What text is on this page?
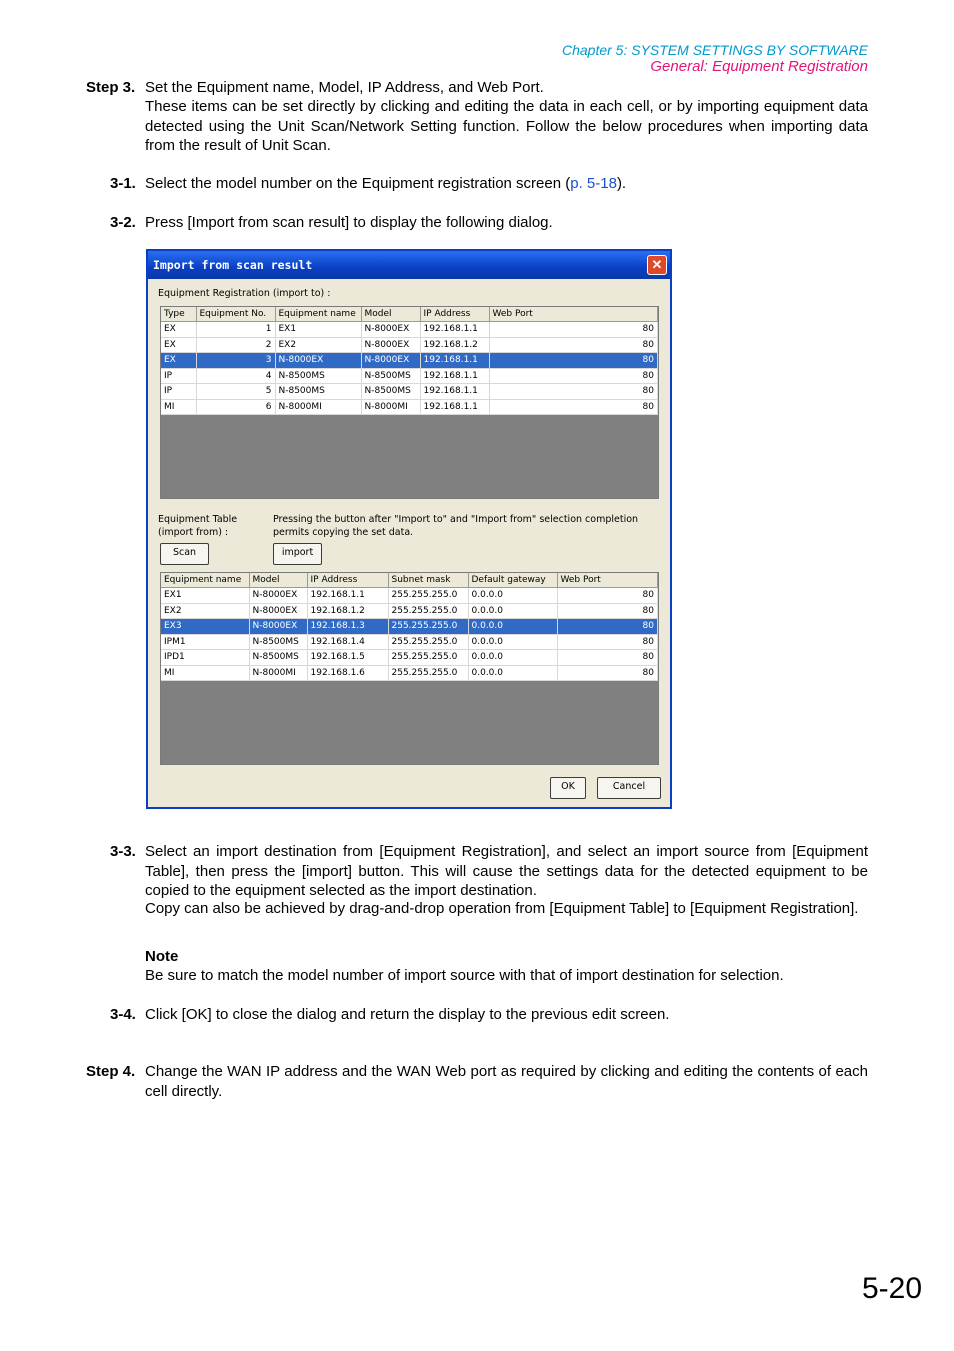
Chapter 5: SYSTEM SETTINGS BY SOFTWARE
General: Equipment Registration
Step 3. Set the Equipment name, Model, IP Address, and Web Port.
These items can be set directly by clicking and editing the data in each cell, or by importing equipment data detected using the Unit Scan/Network Setting function. Follow the below procedures when importing data from the result of Unit Scan.
3-1. Select the model number on the Equipment registration screen (p. 5-18).
3-2. Press [Import from scan result] to display the following dialog.
Import from scan result	✕
Equipment Registration (import to) :
Type	Equipment No.	Equipment name	Model	IP Address	Web Port
EX	1	EX1	N-8000EX	192.168.1.1	80
EX	2	EX2	N-8000EX	192.168.1.2	80
EX	3	N-8000EX	N-8000EX	192.168.1.1	80
IP	4	N-8500MS	N-8500MS	192.168.1.1	80
IP	5	N-8500MS	N-8500MS	192.168.1.1	80
MI	6	N-8000MI	N-8000MI	192.168.1.1	80
Equipment Table
(import from) :
Pressing the button after "Import to" and "Import from" selection completion
permits copying the set data.
Scan	import
Equipment name	Model	IP Address	Subnet mask	Default gateway	Web Port
EX1	N-8000EX	192.168.1.1	255.255.255.0	0.0.0.0	80
EX2	N-8000EX	192.168.1.2	255.255.255.0	0.0.0.0	80
EX3	N-8000EX	192.168.1.3	255.255.255.0	0.0.0.0	80
IPM1	N-8500MS	192.168.1.4	255.255.255.0	0.0.0.0	80
IPD1	N-8500MS	192.168.1.5	255.255.255.0	0.0.0.0	80
MI	N-8000MI	192.168.1.6	255.255.255.0	0.0.0.0	80
OK	Cancel
3-3. Select an import destination from [Equipment Registration], and select an import source from [Equipment Table], then press the [import] button. This will cause the settings data for the detected equipment to be copied to the equipment selected as the import destination.
Copy can also be achieved by drag-and-drop operation from [Equipment Table] to [Equipment Registration].
Note
Be sure to match the model number of import source with that of import destination for selection.
3-4. Click [OK] to close the dialog and return the display to the previous edit screen.
Step 4. Change the WAN IP address and the WAN Web port as required by clicking and editing the contents of each cell directly.
5-20
